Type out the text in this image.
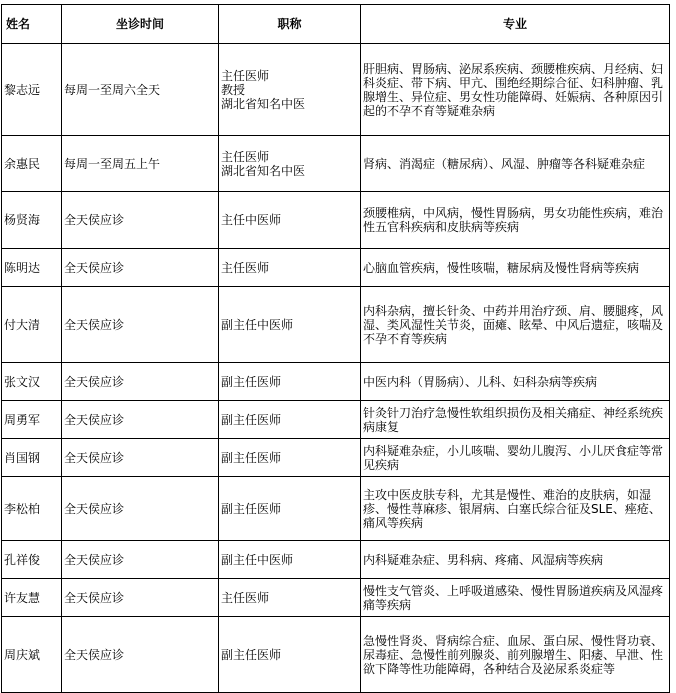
姓名	坐诊时间	职称	专业
黎志远	每周一至周六全天	主任医师
教授
湖北省知名中医	肝胆病、胃肠病、泌尿系疾病、颈腰椎疾病、月经病、妇科炎症、带下病、甲亢、围绝经期综合征、妇科肿瘤、乳腺增生、异位症、男女性功能障碍、妊娠病、各种原因引起的不孕不育等疑难杂病
余惠民	每周一至周五上午	主任医师
湖北省知名中医	肾病、消渴症（糖尿病）、风湿、肿瘤等各科疑难杂症
杨贤海	全天侯应诊	主任中医师	颈腰椎病，中风病，慢性胃肠病，男女功能性疾病，难治性五官科疾病和皮肤病等疾病
陈明达	全天侯应诊	主任医师	心脑血管疾病，慢性咳喘，糖尿病及慢性肾病等疾病
付大清	全天侯应诊	副主任中医师	内科杂病，擅长针灸、中药并用治疗颈、肩、腰腿疼，风湿、类风湿性关节炎，面瘫、眩晕、中风后遗症，咳喘及不孕不育等疾病
张文汉	全天侯应诊	副主任医师	中医内科（胃肠病）、儿科、妇科杂病等疾病
周勇军	全天侯应诊	副主任医师	针灸针刀治疗急慢性软组织损伤及相关痛症、神经系统疾病康复
肖国钢	全天侯应诊	副主任医师	内科疑难杂症，小儿咳喘、婴幼儿腹泻、小儿厌食症等常见疾病
李松柏	全天侯应诊	副主任医师	主攻中医皮肤专科，尤其是慢性、难治的皮肤病，如湿疹、慢性荨麻疹、银屑病、白塞氏综合征及SLE、痤疮、痛风等疾病
孔祥俊	全天侯应诊	副主任中医师	内科疑难杂症、男科病、疼痛、风湿病等疾病
许友慧	全天侯应诊	主任医师	慢性支气管炎、上呼吸道感染、慢性胃肠道疾病及风湿疼痛等疾病
周庆斌	全天侯应诊	副主任医师	急慢性肾炎、肾病综合症、血尿、蛋白尿、慢性肾功衰、尿毒症、急慢性前列腺炎、前列腺增生、阳痿、早泄、性欲下降等性功能障碍，各种结合及泌尿系炎症等
